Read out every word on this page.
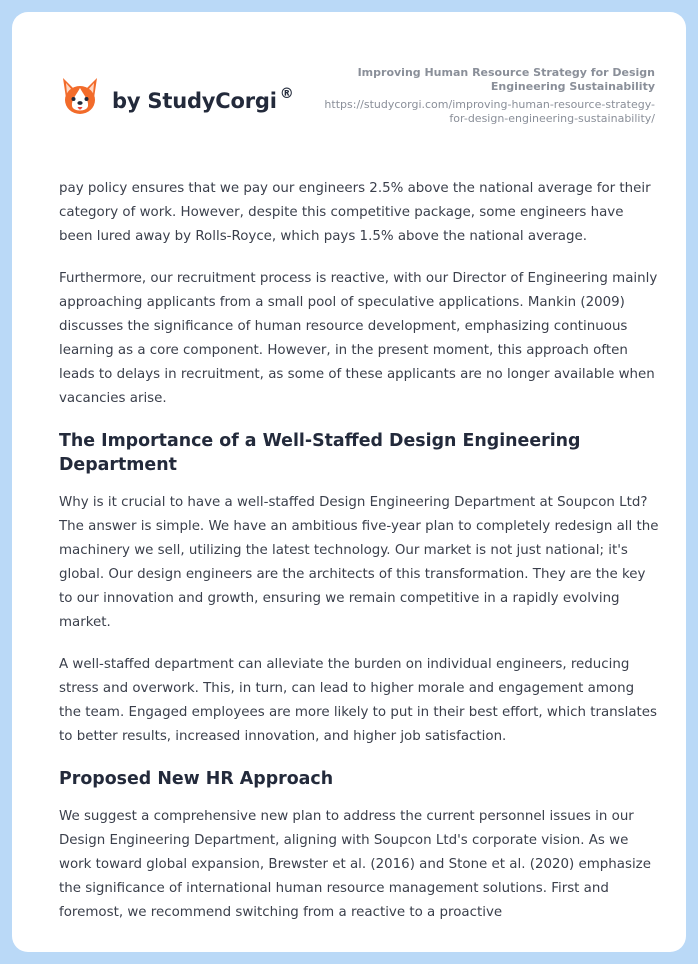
by StudyCorgi ®
Improving Human Resource Strategy for Design Engineering Sustainability
https://studycorgi.com/improving-human-resource-strategy-for-design-engineering-sustainability/

pay policy ensures that we pay our engineers 2.5% above the national average for their category of work. However, despite this competitive package, some engineers have been lured away by Rolls-Royce, which pays 1.5% above the national average.

Furthermore, our recruitment process is reactive, with our Director of Engineering mainly approaching applicants from a small pool of speculative applications. Mankin (2009) discusses the significance of human resource development, emphasizing continuous learning as a core component. However, in the present moment, this approach often leads to delays in recruitment, as some of these applicants are no longer available when vacancies arise.

The Importance of a Well-Staffed Design Engineering Department

Why is it crucial to have a well-staffed Design Engineering Department at Soupcon Ltd? The answer is simple. We have an ambitious five-year plan to completely redesign all the machinery we sell, utilizing the latest technology. Our market is not just national; it's global. Our design engineers are the architects of this transformation. They are the key to our innovation and growth, ensuring we remain competitive in a rapidly evolving market.

A well-staffed department can alleviate the burden on individual engineers, reducing stress and overwork. This, in turn, can lead to higher morale and engagement among the team. Engaged employees are more likely to put in their best effort, which translates to better results, increased innovation, and higher job satisfaction.

Proposed New HR Approach

We suggest a comprehensive new plan to address the current personnel issues in our Design Engineering Department, aligning with Soupcon Ltd's corporate vision. As we work toward global expansion, Brewster et al. (2016) and Stone et al. (2020) emphasize the significance of international human resource management solutions. First and foremost, we recommend switching from a reactive to a proactive
